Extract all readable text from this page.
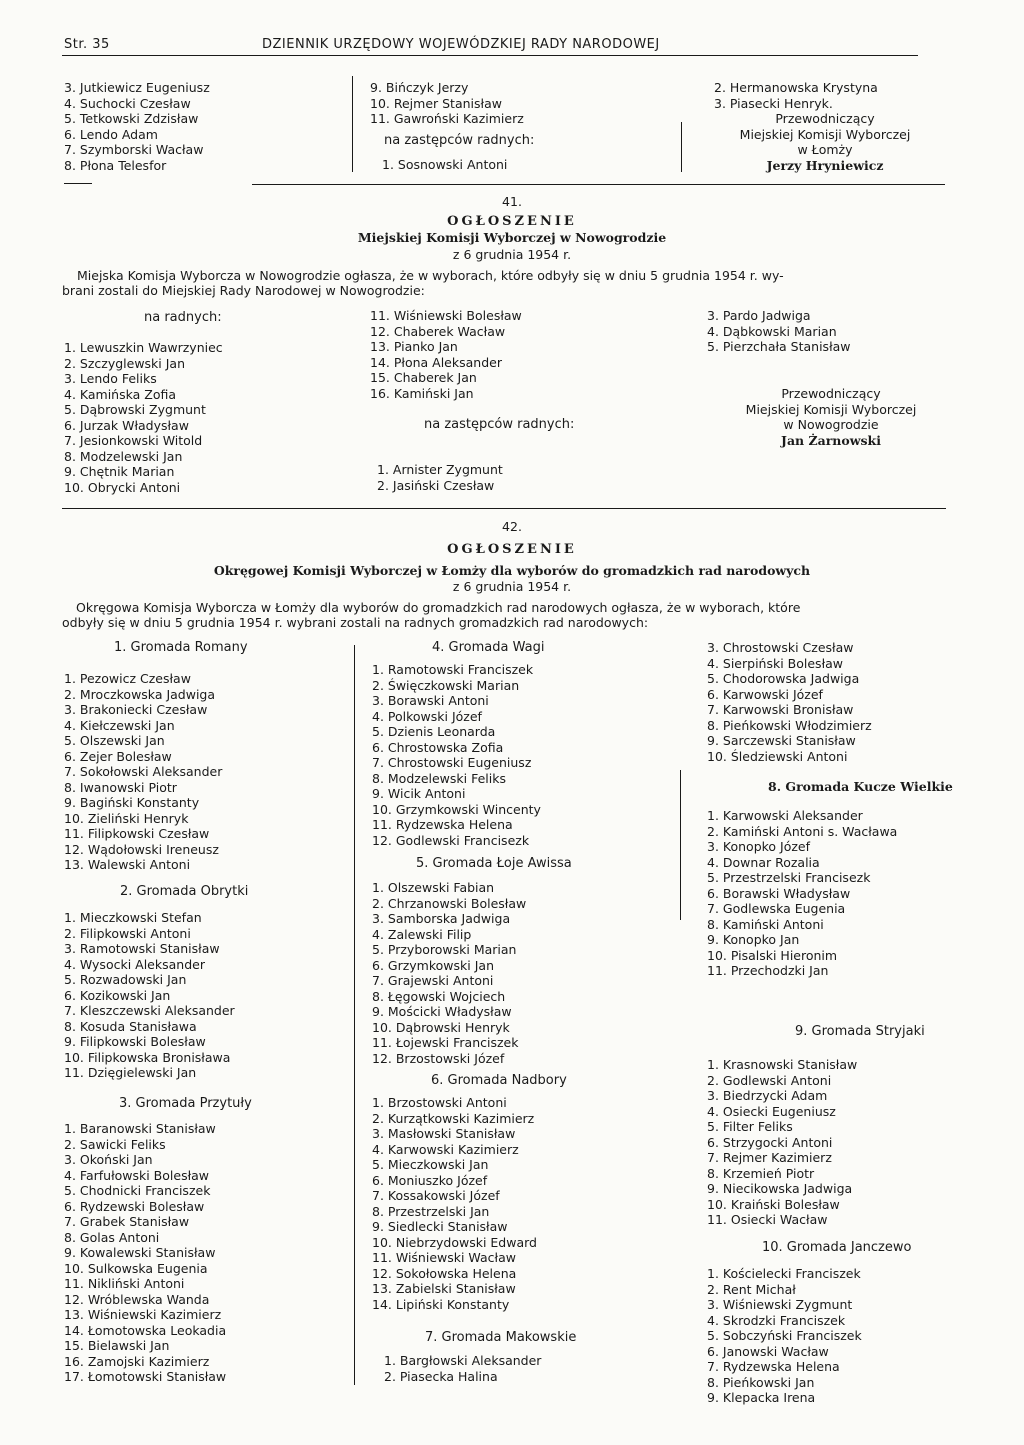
Str. 35	DZIENNIK URZĘDOWY WOJEWÓDZKIEJ RADY NARODOWEJ
3. Jutkiewicz Eugeniusz
4. Suchocki Czesław
5. Tetkowski Zdzisław
6. Lendo Adam
7. Szymborski Wacław
8. Płona Telesfor
9. Bińczyk Jerzy
10. Rejmer Stanisław
11. Gawroński Kazimierz
na zastępców radnych:
1. Sosnowski Antoni
2. Hermanowska Krystyna
3. Piasecki Henryk.
Przewodniczący
Miejskiej Komisji Wyborczej
w Łomży
Jerzy Hryniewicz
41.
OGŁOSZENIE
Miejskiej Komisji Wyborczej w Nowogrodzie
z 6 grudnia 1954 r.
Miejska Komisja Wyborcza w Nowogrodzie ogłasza, że w wyborach, które odbyły się w dniu 5 grudnia 1954 r. wy-
brani zostali do Miejskiej Rady Narodowej w Nowogrodzie:
na radnych:
1. Lewuszkin Wawrzyniec
2. Szczyglewski Jan
3. Lendo Feliks
4. Kamińska Zofia
5. Dąbrowski Zygmunt
6. Jurzak Władysław
7. Jesionkowski Witold
8. Modzelewski Jan
9. Chętnik Marian
10. Obrycki Antoni
11. Wiśniewski Bolesław
12. Chaberek Wacław
13. Pianko Jan
14. Płona Aleksander
15. Chaberek Jan
16. Kamiński Jan
na zastępców radnych:
1. Arnister Zygmunt
2. Jasiński Czesław
3. Pardo Jadwiga
4. Dąbkowski Marian
5. Pierzchała Stanisław
Przewodniczący
Miejskiej Komisji Wyborczej
w Nowogrodzie
Jan Żarnowski
42.
OGŁOSZENIE
Okręgowej Komisji Wyborczej w Łomży dla wyborów do gromadzkich rad narodowych
z 6 grudnia 1954 r.
Okręgowa Komisja Wyborcza w Łomży dla wyborów do gromadzkich rad narodowych ogłasza, że w wyborach, które
odbyły się w dniu 5 grudnia 1954 r. wybrani zostali na radnych gromadzkich rad narodowych:
1. Gromada Romany
1. Pezowicz Czesław
2. Mroczkowska Jadwiga
3. Brakoniecki Czesław
4. Kiełczewski Jan
5. Olszewski Jan
6. Zejer Bolesław
7. Sokołowski Aleksander
8. Iwanowski Piotr
9. Bagiński Konstanty
10. Zieliński Henryk
11. Filipkowski Czesław
12. Wądołowski Ireneusz
13. Walewski Antoni
2. Gromada Obrytki
1. Mieczkowski Stefan
2. Filipkowski Antoni
3. Ramotowski Stanisław
4. Wysocki Aleksander
5. Rozwadowski Jan
6. Kozikowski Jan
7. Kleszczewski Aleksander
8. Kosuda Stanisława
9. Filipkowski Bolesław
10. Filipkowska Bronisława
11. Dzięgielewski Jan
3. Gromada Przytuły
1. Baranowski Stanisław
2. Sawicki Feliks
3. Okoński Jan
4. Farfułowski Bolesław
5. Chodnicki Franciszek
6. Rydzewski Bolesław
7. Grabek Stanisław
8. Golas Antoni
9. Kowalewski Stanisław
10. Sulkowska Eugenia
11. Nikliński Antoni
12. Wróblewska Wanda
13. Wiśniewski Kazimierz
14. Łomotowska Leokadia
15. Bielawski Jan
16. Zamojski Kazimierz
17. Łomotowski Stanisław
4. Gromada Wagi
1. Ramotowski Franciszek
2. Święczkowski Marian
3. Borawski Antoni
4. Polkowski Józef
5. Dzienis Leonarda
6. Chrostowska Zofia
7. Chrostowski Eugeniusz
8. Modzelewski Feliks
9. Wicik Antoni
10. Grzymkowski Wincenty
11. Rydzewska Helena
12. Godlewski Francisezk
5. Gromada Łoje Awissa
1. Olszewski Fabian
2. Chrzanowski Bolesław
3. Samborska Jadwiga
4. Zalewski Filip
5. Przyborowski Marian
6. Grzymkowski Jan
7. Grajewski Antoni
8. Łęgowski Wojciech
9. Mościcki Władysław
10. Dąbrowski Henryk
11. Łojewski Franciszek
12. Brzostowski Józef
6. Gromada Nadbory
1. Brzostowski Antoni
2. Kurzątkowski Kazimierz
3. Masłowski Stanisław
4. Karwowski Kazimierz
5. Mieczkowski Jan
6. Moniuszko Józef
7. Kossakowski Józef
8. Przestrzelski Jan
9. Siedlecki Stanisław
10. Niebrzydowski Edward
11. Wiśniewski Wacław
12. Sokołowska Helena
13. Zabielski Stanisław
14. Lipiński Konstanty
7. Gromada Makowskie
1. Bargłowski Aleksander
2. Piasecka Halina
3. Chrostowski Czesław
4. Sierpiński Bolesław
5. Chodorowska Jadwiga
6. Karwowski Józef
7. Karwowski Bronisław
8. Pieńkowski Włodzimierz
9. Sarczewski Stanisław
10. Śledziewski Antoni
8. Gromada Kucze Wielkie
1. Karwowski Aleksander
2. Kamiński Antoni s. Wacława
3. Konopko Józef
4. Downar Rozalia
5. Przestrzelski Francisezk
6. Borawski Władysław
7. Godlewska Eugenia
8. Kamiński Antoni
9. Konopko Jan
10. Pisalski Hieronim
11. Przechodzki Jan
9. Gromada Stryjaki
1. Krasnowski Stanisław
2. Godlewski Antoni
3. Biedrzycki Adam
4. Osiecki Eugeniusz
5. Filter Feliks
6. Strzygocki Antoni
7. Rejmer Kazimierz
8. Krzemień Piotr
9. Niecikowska Jadwiga
10. Kraiński Bolesław
11. Osiecki Wacław
10. Gromada Janczewo
1. Kościelecki Franciszek
2. Rent Michał
3. Wiśniewski Zygmunt
4. Skrodzki Franciszek
5. Sobczyński Franciszek
6. Janowski Wacław
7. Rydzewska Helena
8. Pieńkowski Jan
9. Klepacka Irena
